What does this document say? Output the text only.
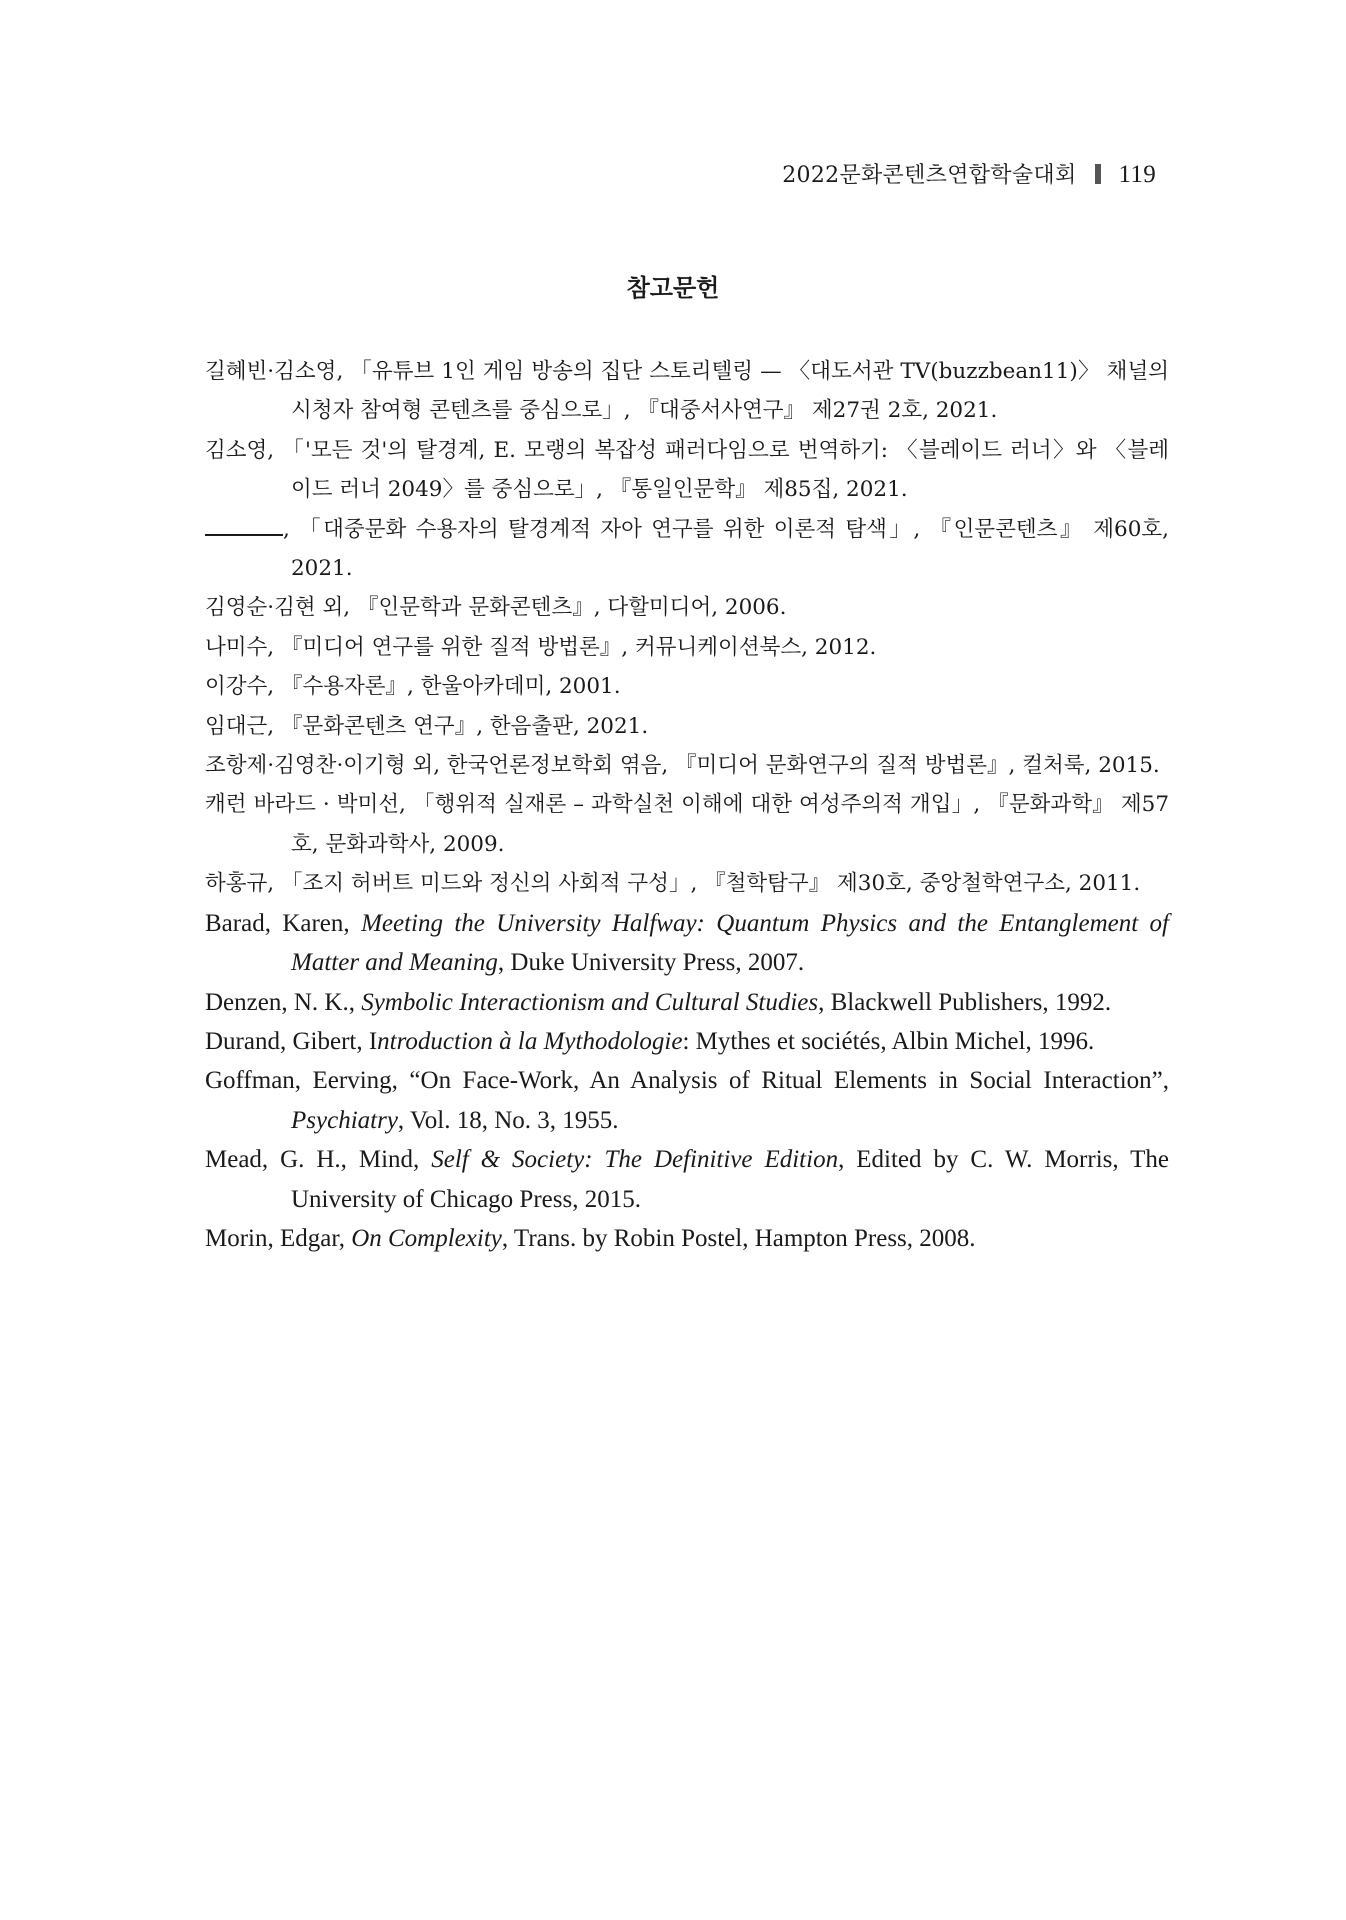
2022문화콘텐츠연합학술대회 119
참고문헌
길혜빈·김소영, 「유튜브 1인 게임 방송의 집단 스토리텔링 — 〈대도서관 TV(buzzbean11)〉 채널의 시청자 참여형 콘텐츠를 중심으로」, 『대중서사연구』 제27권 2호, 2021.
김소영, 「'모든 것'의 탈경계, E. 모랭의 복잡성 패러다임으로 번역하기: 〈블레이드 러너〉와 〈블레이드 러너 2049〉를 중심으로」, 『통일인문학』 제85집, 2021.
, 「대중문화 수용자의 탈경계적 자아 연구를 위한 이론적 탐색」, 『인문콘텐츠』 제60호, 2021.
김영순·김현 외, 『인문학과 문화콘텐츠』, 다할미디어, 2006.
나미수, 『미디어 연구를 위한 질적 방법론』, 커뮤니케이션북스, 2012.
이강수, 『수용자론』, 한울아카데미, 2001.
임대근, 『문화콘텐츠 연구』, 한음출판, 2021.
조항제·김영찬·이기형 외, 한국언론정보학회 엮음, 『미디어 문화연구의 질적 방법론』, 컬처룩, 2015.
캐런 바라드 · 박미선, 「행위적 실재론 – 과학실천 이해에 대한 여성주의적 개입」, 『문화과학』 제57호, 문화과학사, 2009.
하홍규, 「조지 허버트 미드와 정신의 사회적 구성」, 『철학탐구』 제30호, 중앙철학연구소, 2011.
Barad, Karen, Meeting the University Halfway: Quantum Physics and the Entanglement of Matter and Meaning, Duke University Press, 2007.
Denzen, N. K., Symbolic Interactionism and Cultural Studies, Blackwell Publishers, 1992.
Durand, Gibert, Introduction à la Mythodologie: Mythes et sociétés, Albin Michel, 1996.
Goffman, Eerving, “On Face-Work, An Analysis of Ritual Elements in Social Interaction”, Psychiatry, Vol. 18, No. 3, 1955.
Mead, G. H., Mind, Self & Society: The Definitive Edition, Edited by C. W. Morris, The University of Chicago Press, 2015.
Morin, Edgar, On Complexity, Trans. by Robin Postel, Hampton Press, 2008.
